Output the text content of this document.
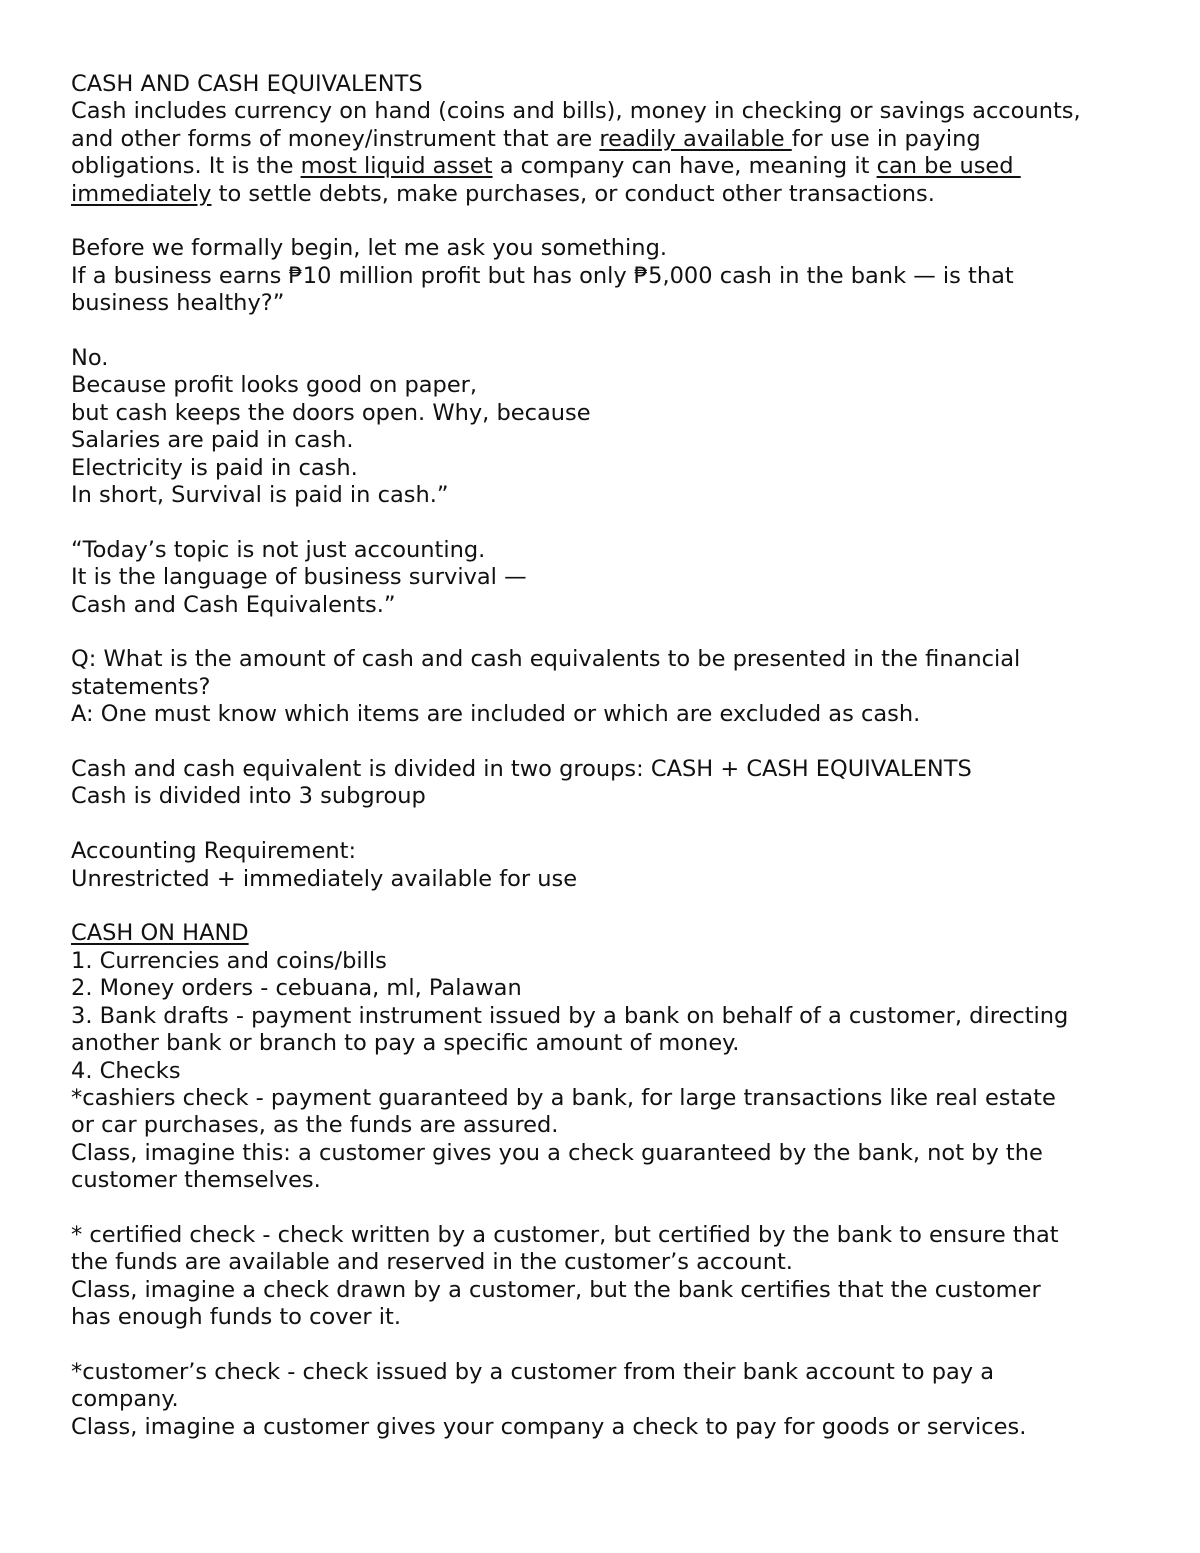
CASH AND CASH EQUIVALENTS
Cash includes currency on hand (coins and bills), money in checking or savings accounts,
and other forms of money/instrument that are readily available for use in paying
obligations. It is the most liquid asset a company can have, meaning it can be used
immediately to settle debts, make purchases, or conduct other transactions.
Before we formally begin, let me ask you something.
If a business earns ₱10 million profit but has only ₱5,000 cash in the bank — is that
business healthy?”
No.
Because profit looks good on paper,
but cash keeps the doors open. Why, because
Salaries are paid in cash.
Electricity is paid in cash.
In short, Survival is paid in cash.”
“Today’s topic is not just accounting.
It is the language of business survival —
Cash and Cash Equivalents.”
Q: What is the amount of cash and cash equivalents to be presented in the financial
statements?
A: One must know which items are included or which are excluded as cash.
Cash and cash equivalent is divided in two groups: CASH + CASH EQUIVALENTS
Cash is divided into 3 subgroup
Accounting Requirement:
Unrestricted + immediately available for use
CASH ON HAND
1. Currencies and coins/bills
2. Money orders - cebuana, ml, Palawan
3. Bank drafts - payment instrument issued by a bank on behalf of a customer, directing
another bank or branch to pay a specific amount of money.
4. Checks
*cashiers check - payment guaranteed by a bank, for large transactions like real estate
or car purchases, as the funds are assured.
Class, imagine this: a customer gives you a check guaranteed by the bank, not by the
customer themselves.
* certified check - check written by a customer, but certified by the bank to ensure that
the funds are available and reserved in the customer’s account.
Class, imagine a check drawn by a customer, but the bank certifies that the customer
has enough funds to cover it.
*customer’s check - check issued by a customer from their bank account to pay a
company.
Class, imagine a customer gives your company a check to pay for goods or services.
